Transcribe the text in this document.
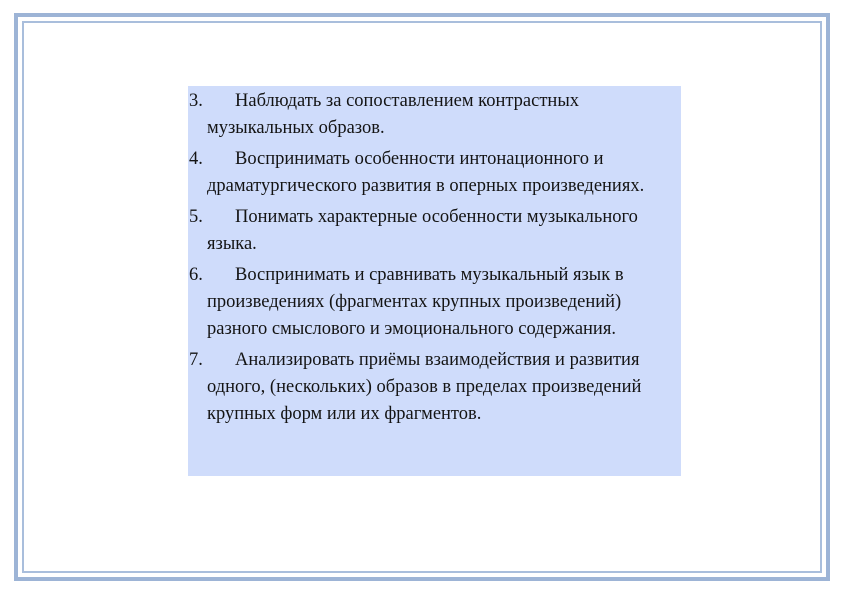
3.	Наблюдать за сопоставлением контрастных музыкальных образов.
4.	Воспринимать особенности интонационного и драматургического развития в оперных произведениях.
5.	Понимать характерные особенности музыкального языка.
6.	Воспринимать и сравнивать музыкальный язык в произведениях (фрагментах крупных произведений) разного смыслового и эмоционального содержания.
7.	Анализировать приёмы взаимодействия и развития одного, (нескольких) образов в пределах произведений крупных форм или их фрагментов.
